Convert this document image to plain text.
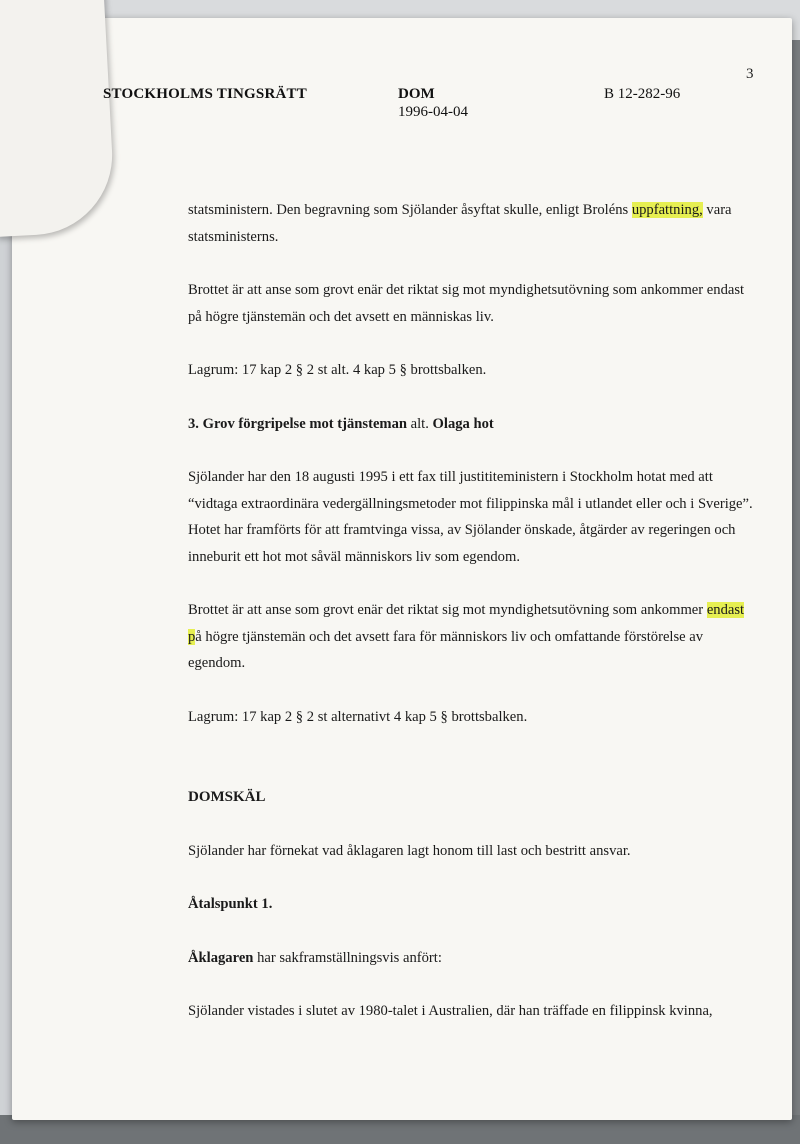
3
STOCKHOLMS TINGSRÄTT	DOM
1996-04-04
B 12-282-96

statsministern. Den begravning som Sjölander åsyftat skulle, enligt Broléns uppfattning, vara statsministerns.

Brottet är att anse som grovt enär det riktat sig mot myndighetsutövning som ankommer endast på högre tjänstemän och det avsett en människas liv.

Lagrum: 17 kap 2 § 2 st alt. 4 kap 5 § brottsbalken.

3. Grov förgripelse mot tjänsteman alt. Olaga hot

Sjölander har den 18 augusti 1995 i ett fax till justititeministern i Stockholm hotat med att “vidtaga extraordinära vedergällningsmetoder mot filippinska mål i utlandet eller och i Sverige”. Hotet har framförts för att framtvinga vissa, av Sjölander önskade, åtgärder av regeringen och inneburit ett hot mot såväl människors liv som egendom.

Brottet är att anse som grovt enär det riktat sig mot myndighetsutövning som ankommer endast på högre tjänstemän och det avsett fara för människors liv och omfattande förstörelse av egendom.

Lagrum: 17 kap 2 § 2 st alternativt 4 kap 5 § brottsbalken.

DOMSKÄL

Sjölander har förnekat vad åklagaren lagt honom till last och bestritt ansvar.

Åtalspunkt 1.

Åklagaren har sakframställningsvis anfört:

Sjölander vistades i slutet av 1980-talet i Australien, där han träffade en filippinsk kvinna,
